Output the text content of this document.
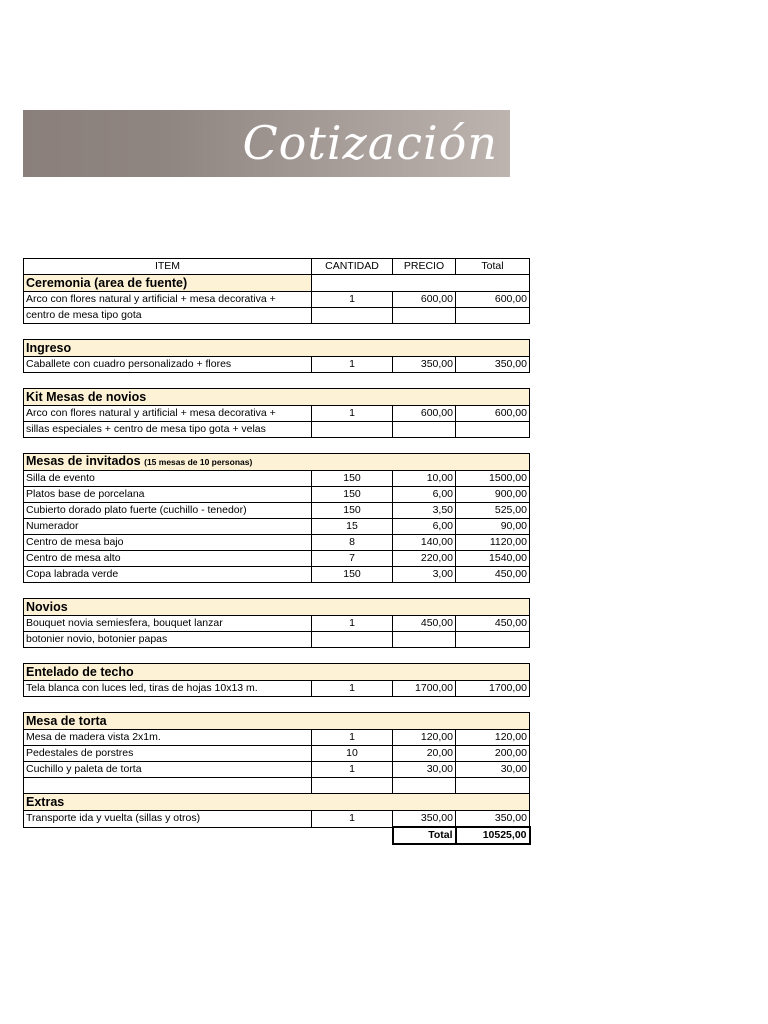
Cotización
ITEM	CANTIDAD	PRECIO	Total
Ceremonia (area de fuente)			
Arco con flores natural y artificial + mesa decorativa +	1	600,00	600,00
centro de mesa tipo gota			

Ingreso			
Caballete con cuadro personalizado + flores	1	350,00	350,00

Kit Mesas de novios			
Arco con flores natural y artificial + mesa decorativa +	1	600,00	600,00
sillas especiales + centro de mesa tipo gota + velas			

Mesas de invitados (15 mesas de 10 personas)			
Silla de evento	150	10,00	1500,00
Platos base de porcelana	150	6,00	900,00
Cubierto dorado plato fuerte (cuchillo - tenedor)	150	3,50	525,00
Numerador	15	6,00	90,00
Centro de mesa bajo	8	140,00	1120,00
Centro de mesa alto	7	220,00	1540,00
Copa labrada verde	150	3,00	450,00

Novios			
Bouquet novia semiesfera, bouquet lanzar	1	450,00	450,00
botonier novio, botonier papas			

Entelado de techo			
Tela blanca con luces led, tiras de hojas 10x13 m.	1	1700,00	1700,00

Mesa de torta			
Mesa de madera vista 2x1m.	1	120,00	120,00
Pedestales de porstres	10	20,00	200,00
Cuchillo y paleta de torta	1	30,00	30,00

Extras			
Transporte ida y vuelta (sillas y otros)	1	350,00	350,00
		Total	10525,00
